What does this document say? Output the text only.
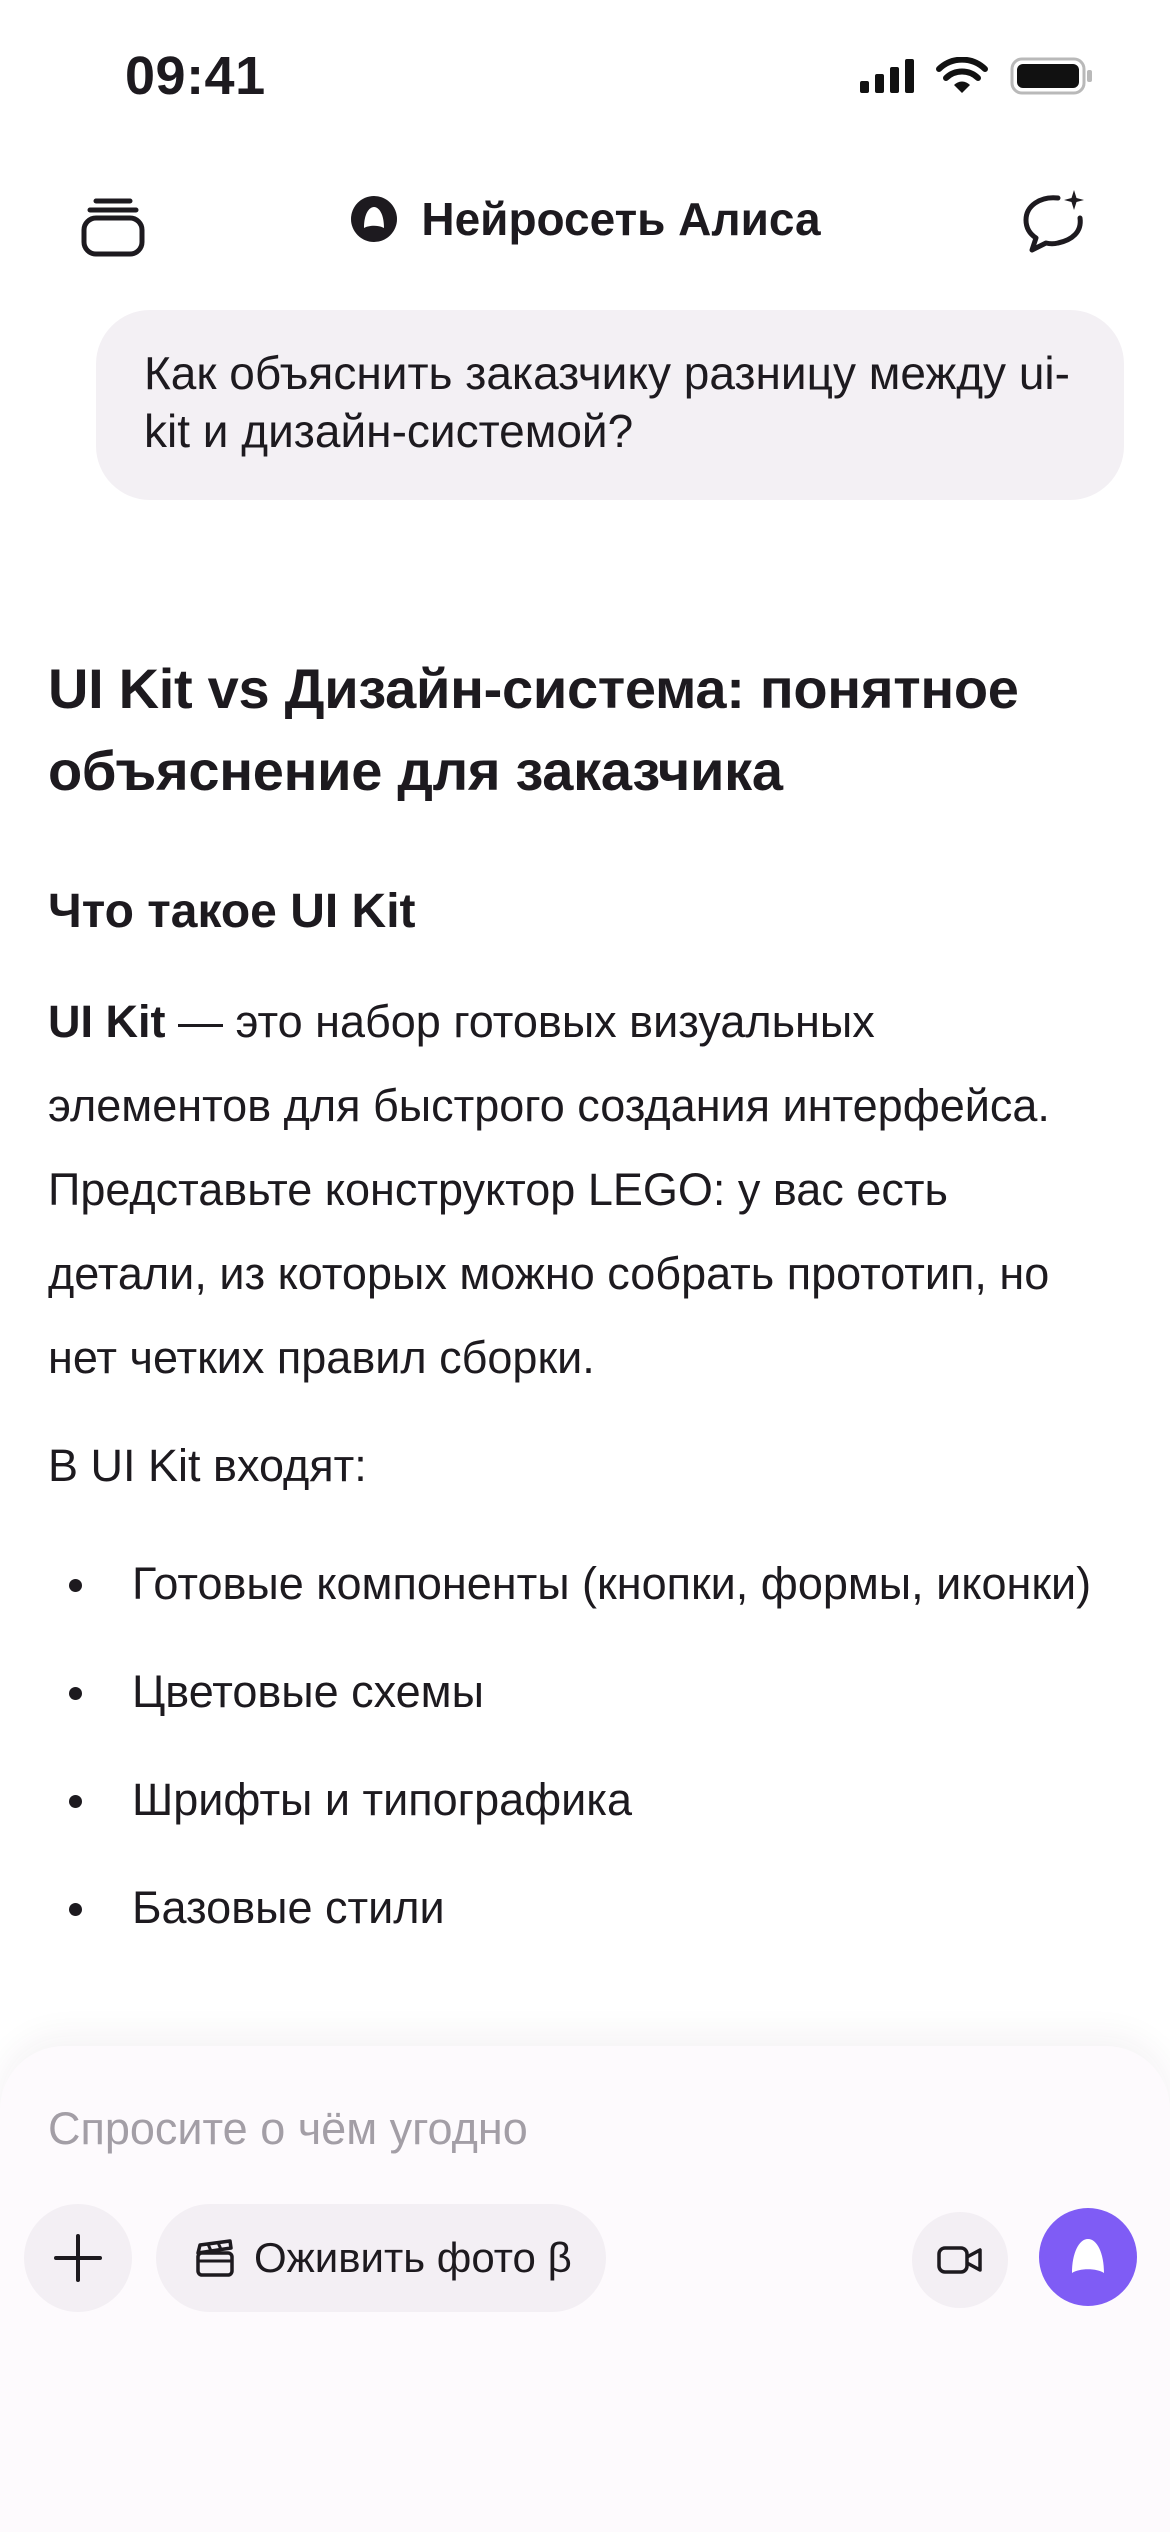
09:41
Нейросеть Алиса
Как объяснить заказчику разницу между ui-kit и дизайн-системой?
UI Kit vs Дизайн-система: понятное объяснение для заказчика
Что такое UI Kit

UI Kit — это набор готовых визуальных элементов для быстрого создания интерфейса. Представьте конструктор LEGO: у вас есть детали, из которых можно собрать прототип, но нет четких правил сборки.

В UI Kit входят:

Готовые компоненты (кнопки, формы, иконки)
Цветовые схемы
Шрифты и типографика
Базовые стили
Спросите о чём угодно
Оживить фото β
